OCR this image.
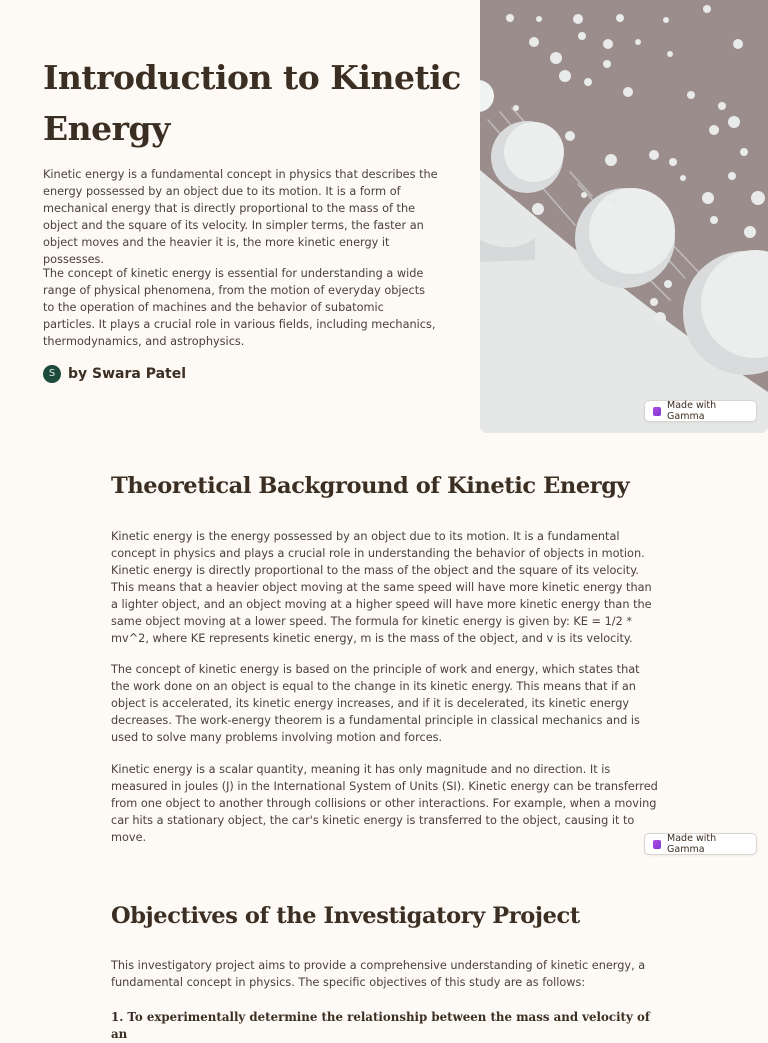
Introduction to Kinetic Energy

Kinetic energy is a fundamental concept in physics that describes the energy possessed by an object due to its motion. It is a form of mechanical energy that is directly proportional to the mass of the object and the square of its velocity. In simpler terms, the faster an object moves and the heavier it is, the more kinetic energy it possesses.

The concept of kinetic energy is essential for understanding a wide range of physical phenomena, from the motion of everyday objects to the operation of machines and the behavior of subatomic particles. It plays a crucial role in various fields, including mechanics, thermodynamics, and astrophysics.

S by Swara Patel
Made with Gamma
Theoretical Background of Kinetic Energy

Kinetic energy is the energy possessed by an object due to its motion. It is a fundamental concept in physics and plays a crucial role in understanding the behavior of objects in motion. Kinetic energy is directly proportional to the mass of the object and the square of its velocity. This means that a heavier object moving at the same speed will have more kinetic energy than a lighter object, and an object moving at a higher speed will have more kinetic energy than the same object moving at a lower speed. The formula for kinetic energy is given by: KE = 1/2 * mv^2, where KE represents kinetic energy, m is the mass of the object, and v is its velocity.

The concept of kinetic energy is based on the principle of work and energy, which states that the work done on an object is equal to the change in its kinetic energy. This means that if an object is accelerated, its kinetic energy increases, and if it is decelerated, its kinetic energy decreases. The work-energy theorem is a fundamental principle in classical mechanics and is used to solve many problems involving motion and forces.

Kinetic energy is a scalar quantity, meaning it has only magnitude and no direction. It is measured in joules (J) in the International System of Units (SI). Kinetic energy can be transferred from one object to another through collisions or other interactions. For example, when a moving car hits a stationary object, the car's kinetic energy is transferred to the object, causing it to move.	Made with Gamma
Objectives of the Investigatory Project

This investigatory project aims to provide a comprehensive understanding of kinetic energy, a fundamental concept in physics. The specific objectives of this study are as follows:

1. To experimentally determine the relationship between the mass and velocity of an
